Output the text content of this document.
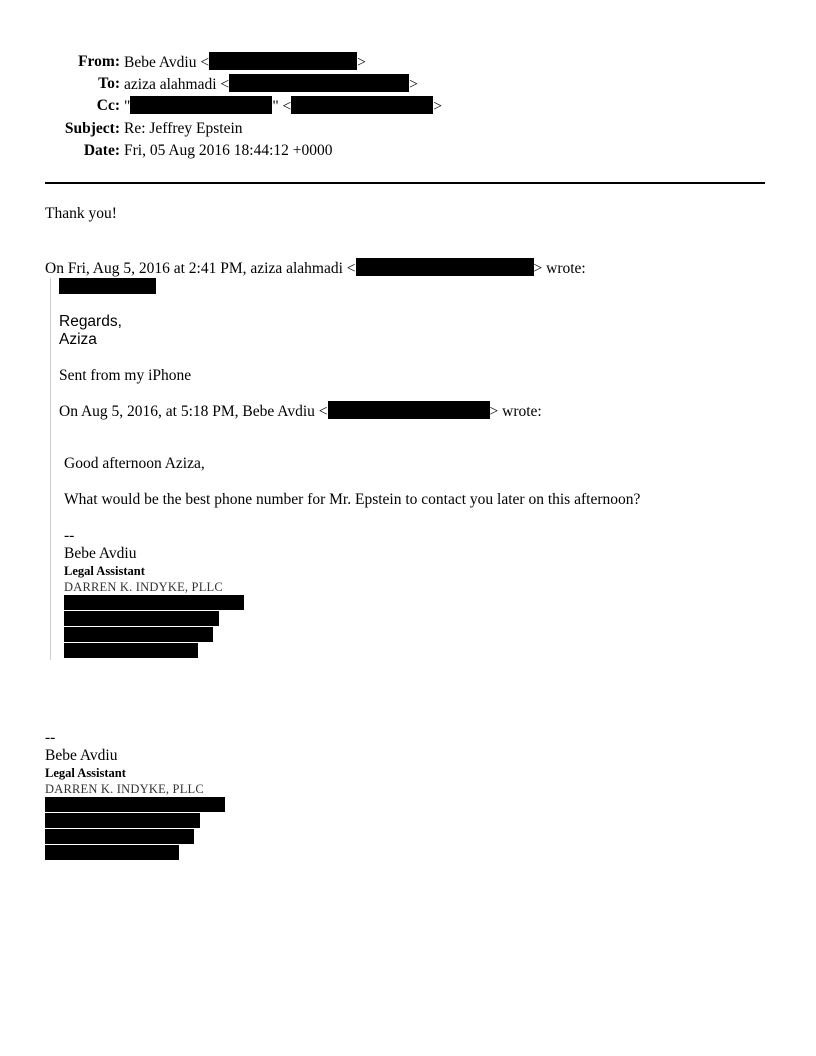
From: Bebe Avdiu <	>
To: aziza alahmadi <	>
Cc: "	" <	>
Subject: Re: Jeffrey Epstein
Date: Fri, 05 Aug 2016 18:44:12 +0000
Thank you!
On Fri, Aug 5, 2016 at 2:41 PM, aziza alahmadi <	> wrote:
Regards,
Aziza
Sent from my iPhone
On Aug 5, 2016, at 5:18 PM, Bebe Avdiu <	> wrote:
Good afternoon Aziza,
What would be the best phone number for Mr. Epstein to contact you later on this afternoon?
--
Bebe Avdiu
Legal Assistant
DARREN K. INDYKE, PLLC
--
Bebe Avdiu
Legal Assistant
DARREN K. INDYKE, PLLC
